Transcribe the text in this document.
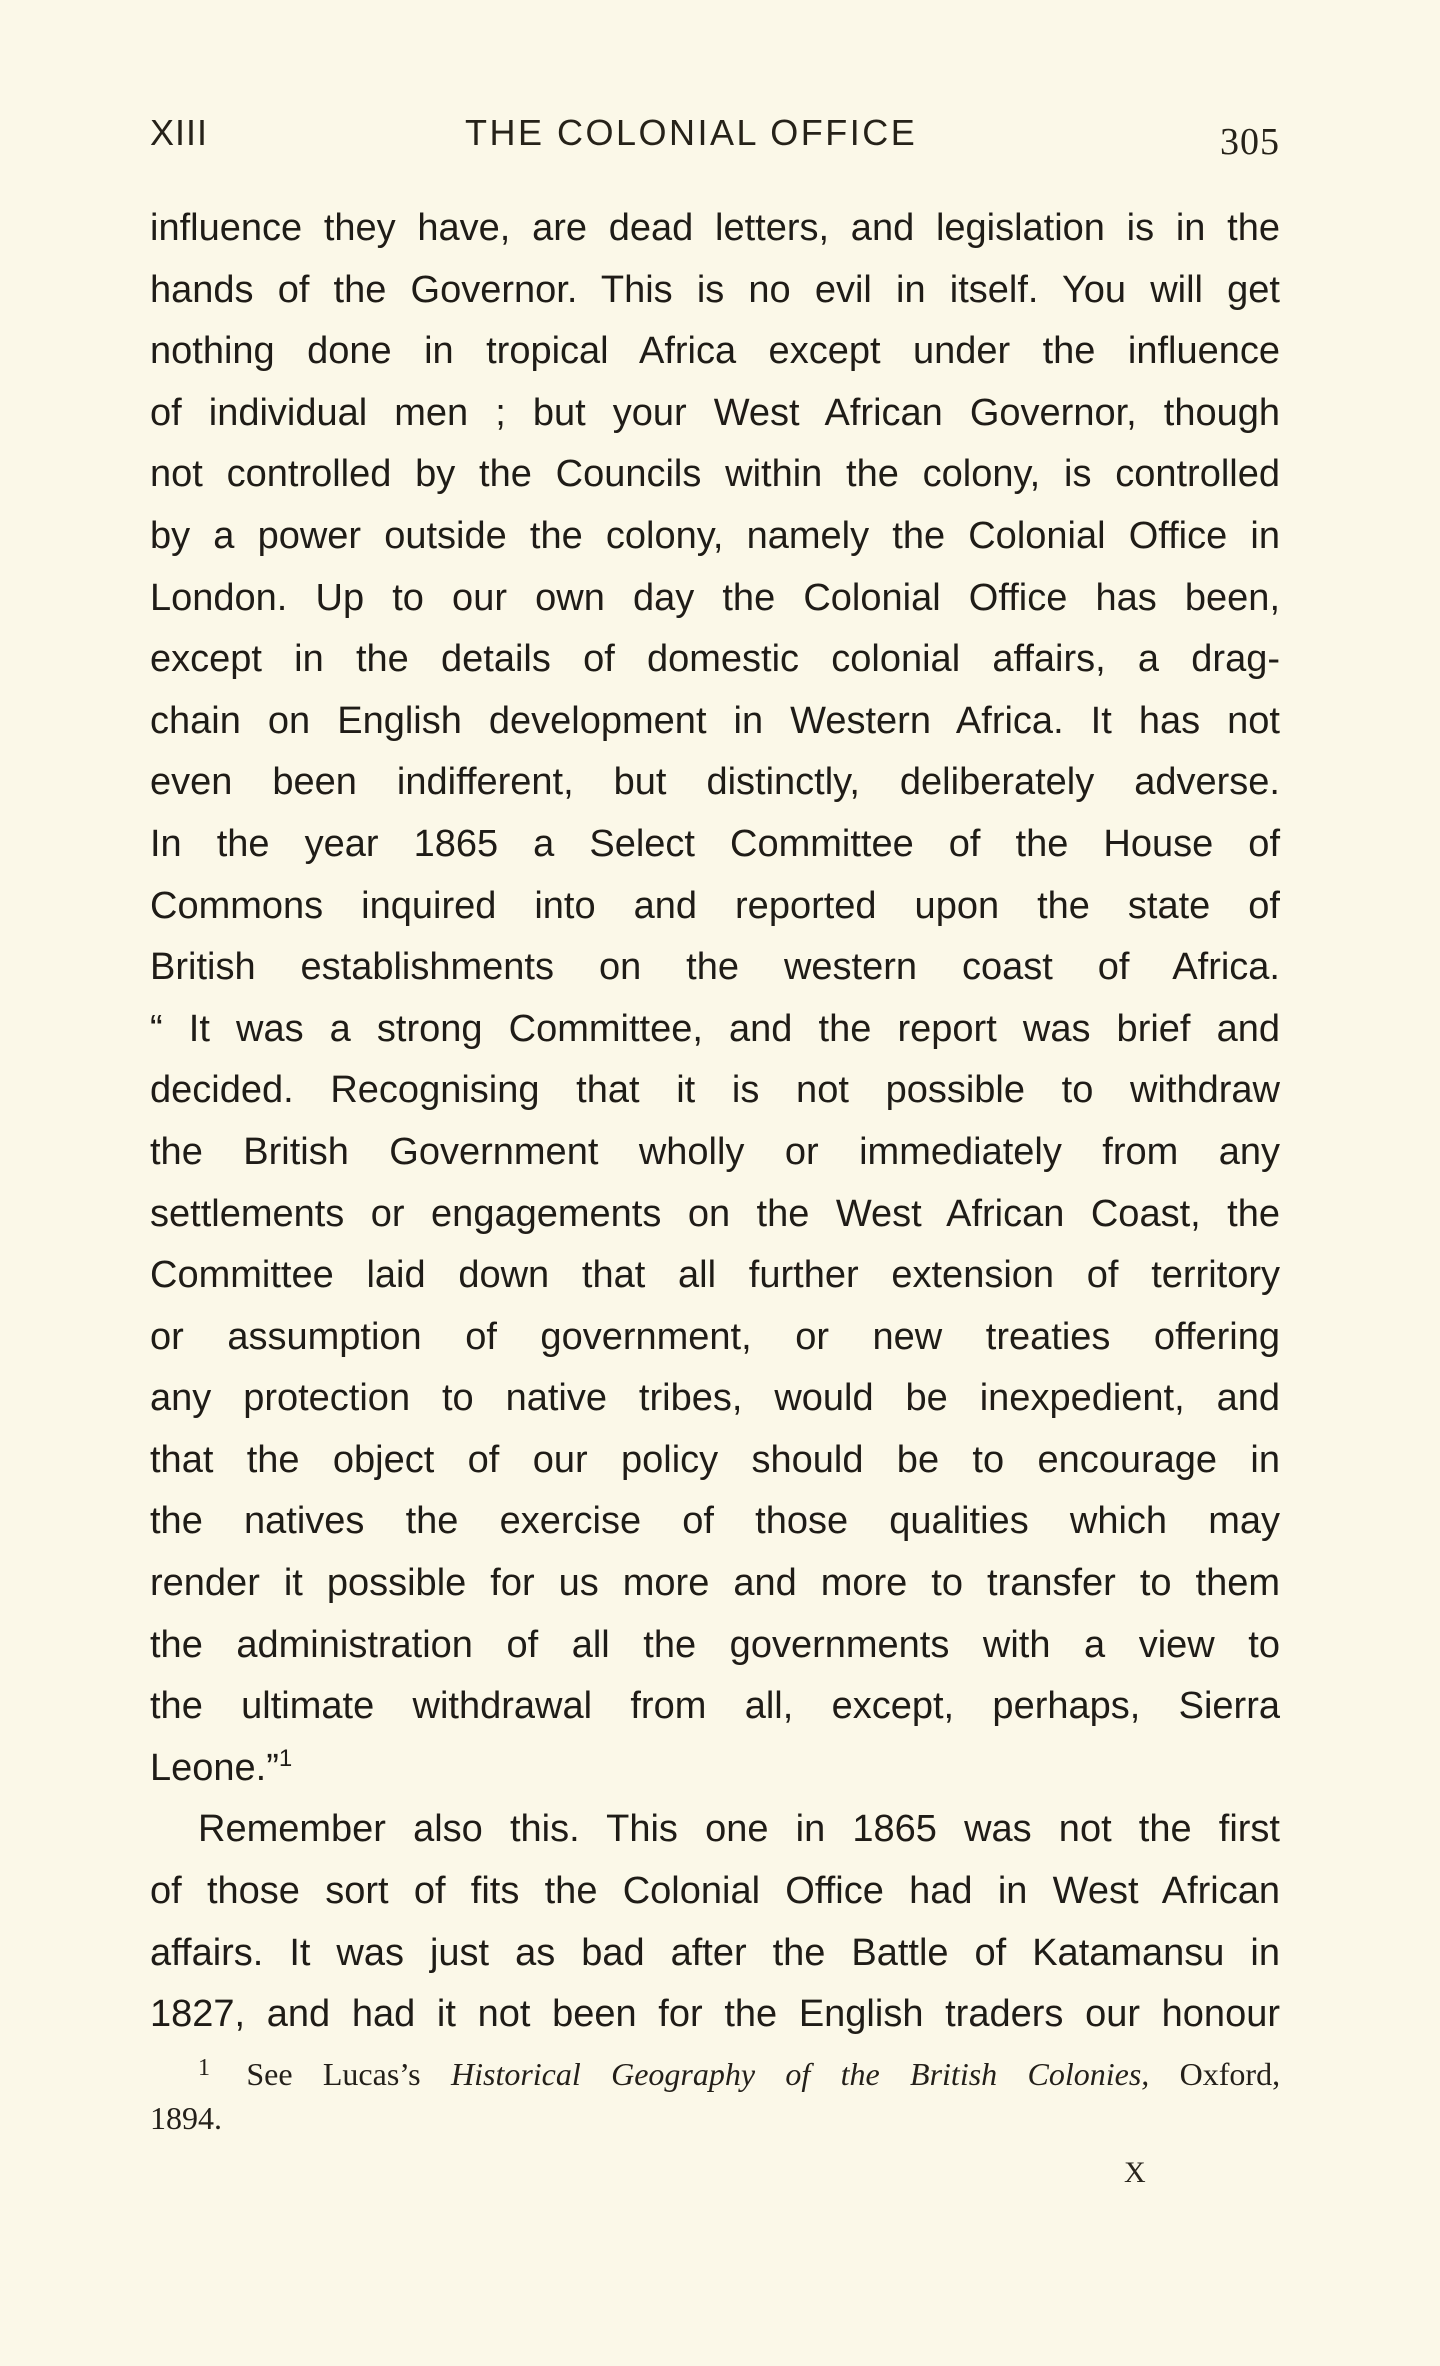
XIII	THE COLONIAL OFFICE	305
influence they have, are dead letters, and legislation is in the
hands of the Governor. This is no evil in itself. You will get
nothing done in tropical Africa except under the influence
of individual men ; but your West African Governor, though
not controlled by the Councils within the colony, is controlled
by a power outside the colony, namely the Colonial Office in
London. Up to our own day the Colonial Office has been,
except in the details of domestic colonial affairs, a drag-
chain on English development in Western Africa. It has not
even been indifferent, but distinctly, deliberately adverse.
In the year 1865 a Select Committee of the House of
Commons inquired into and reported upon the state of
British establishments on the western coast of Africa.
“ It was a strong Committee, and the report was brief and
decided. Recognising that it is not possible to withdraw
the British Government wholly or immediately from any
settlements or engagements on the West African Coast, the
Committee laid down that all further extension of territory
or assumption of government, or new treaties offering
any protection to native tribes, would be inexpedient, and
that the object of our policy should be to encourage in
the natives the exercise of those qualities which may
render it possible for us more and more to transfer to them
the administration of all the governments with a view to
the ultimate withdrawal from all, except, perhaps, Sierra
Leone.”$^1$
Remember also this. This one in 1865 was not the first
of those sort of fits the Colonial Office had in West African
affairs. It was just as bad after the Battle of Katamansu in
1827, and had it not been for the English traders our honour
$^1$ See Lucas’s Historical Geography of the British Colonies, Oxford,
1894.
X
